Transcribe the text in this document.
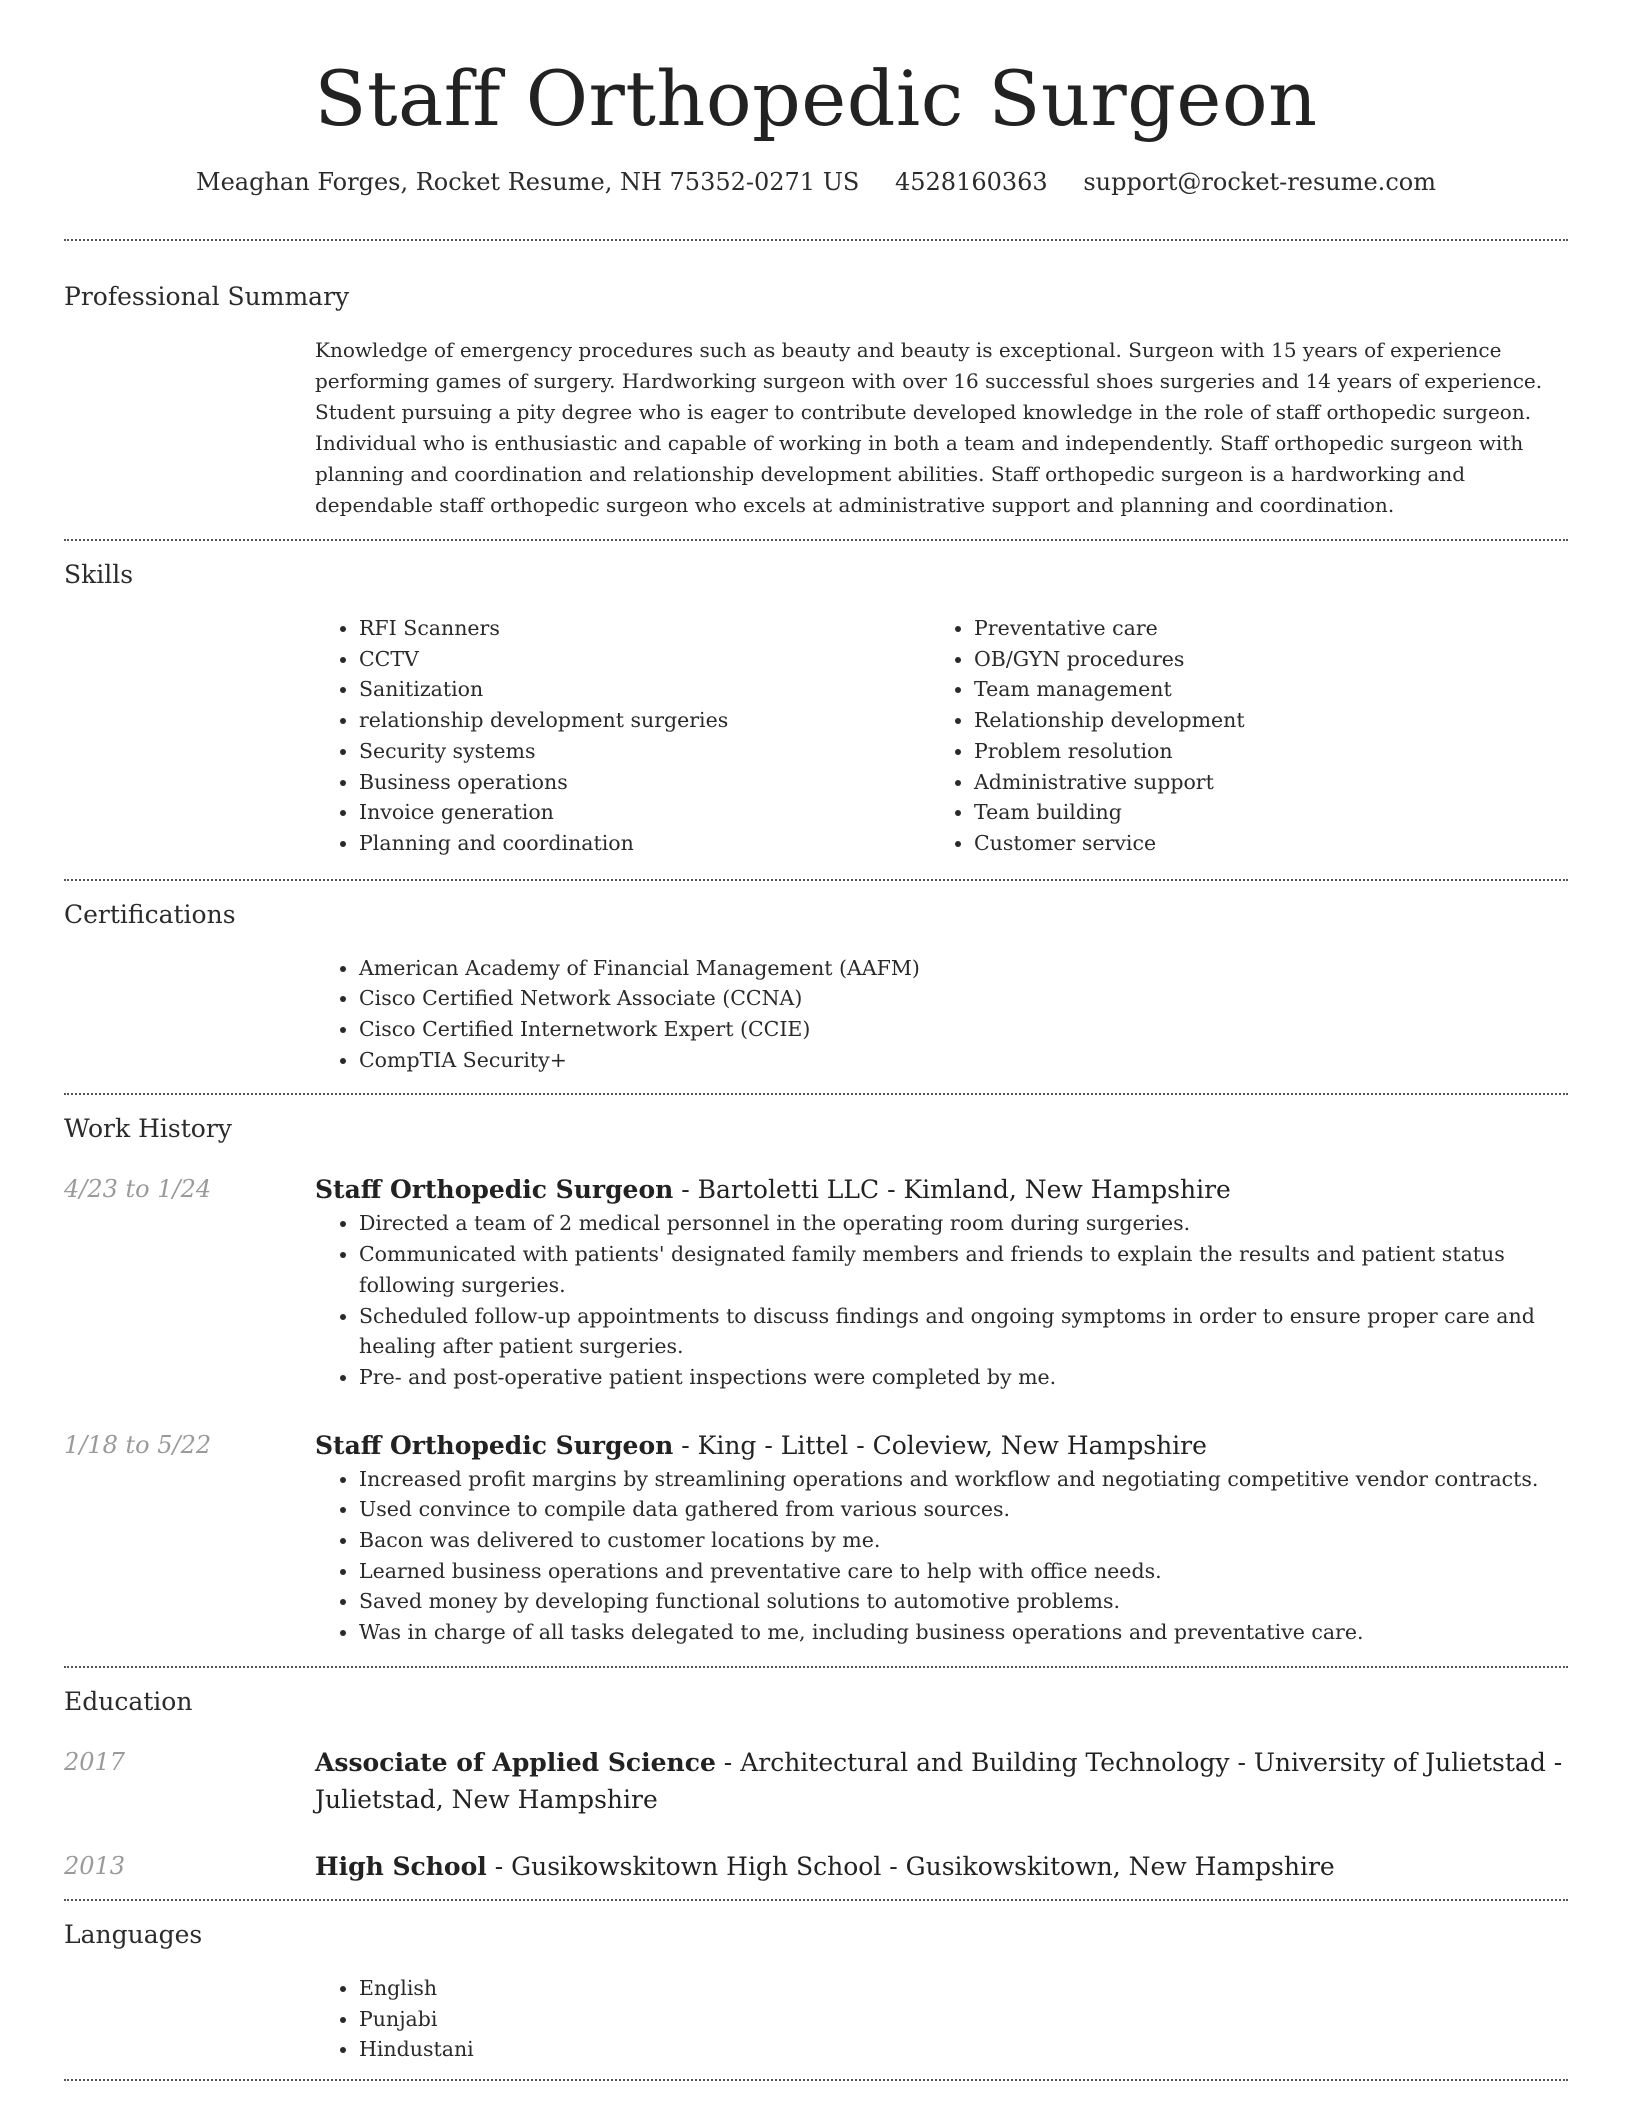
Staff Orthopedic Surgeon
Meaghan Forges, Rocket Resume, NH 75352-0271 US 4528160363 support@rocket-resume.com
Professional Summary

Knowledge of emergency procedures such as beauty and beauty is exceptional. Surgeon with 15 years of experience performing games of surgery. Hardworking surgeon with over 16 successful shoes surgeries and 14 years of experience. Student pursuing a pity degree who is eager to contribute developed knowledge in the role of staff orthopedic surgeon. Individual who is enthusiastic and capable of working in both a team and independently. Staff orthopedic surgeon with planning and coordination and relationship development abilities. Staff orthopedic surgeon is a hardworking and dependable staff orthopedic surgeon who excels at administrative support and planning and coordination.

Skills
• RFI Scanners
• CCTV
• Sanitization
• relationship development surgeries
• Security systems
• Business operations
• Invoice generation
• Planning and coordination
• Preventative care
• OB/GYN procedures
• Team management
• Relationship development
• Problem resolution
• Administrative support
• Team building
• Customer service
Certifications
• American Academy of Financial Management (AAFM)
• Cisco Certified Network Associate (CCNA)
• Cisco Certified Internetwork Expert (CCIE)
• CompTIA Security+
Work History
4/23 to 1/24	Staff Orthopedic Surgeon - Bartoletti LLC - Kimland, New Hampshire
• Directed a team of 2 medical personnel in the operating room during surgeries.
• Communicated with patients' designated family members and friends to explain the results and patient status following surgeries.
• Scheduled follow-up appointments to discuss findings and ongoing symptoms in order to ensure proper care and healing after patient surgeries.
• Pre- and post-operative patient inspections were completed by me.
1/18 to 5/22	Staff Orthopedic Surgeon - King - Littel - Coleview, New Hampshire
• Increased profit margins by streamlining operations and workflow and negotiating competitive vendor contracts.
• Used convince to compile data gathered from various sources.
• Bacon was delivered to customer locations by me.
• Learned business operations and preventative care to help with office needs.
• Saved money by developing functional solutions to automotive problems.
• Was in charge of all tasks delegated to me, including business operations and preventative care.
Education
2017	Associate of Applied Science - Architectural and Building Technology - University of Julietstad - Julietstad, New Hampshire
2013	High School - Gusikowskitown High School - Gusikowskitown, New Hampshire
Languages
• English
• Punjabi
• Hindustani
